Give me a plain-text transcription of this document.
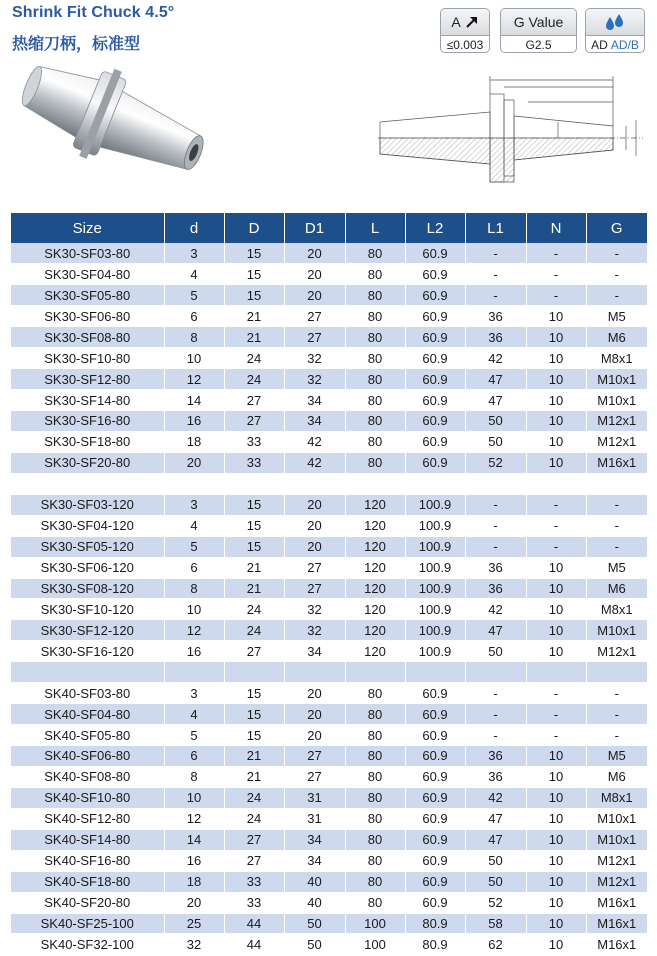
Shrink Fit Chuck 4.5°
热缩刀柄，标准型
A
≤0.003
G Value
G2.5	AD AD/B
Size	d	D	D1	L	L2	L1	N	G
SK30-SF03-80	3	15	20	80	60.9	-	-	-
SK30-SF04-80	4	15	20	80	60.9	-	-	-
SK30-SF05-80	5	15	20	80	60.9	-	-	-
SK30-SF06-80	6	21	27	80	60.9	36	10	M5
SK30-SF08-80	8	21	27	80	60.9	36	10	M6
SK30-SF10-80	10	24	32	80	60.9	42	10	M8x1
SK30-SF12-80	12	24	32	80	60.9	47	10	M10x1
SK30-SF14-80	14	27	34	80	60.9	47	10	M10x1
SK30-SF16-80	16	27	34	80	60.9	50	10	M12x1
SK30-SF18-80	18	33	42	80	60.9	50	10	M12x1
SK30-SF20-80	20	33	42	80	60.9	52	10	M16x1

SK30-SF03-120	3	15	20	120	100.9	-	-	-
SK30-SF04-120	4	15	20	120	100.9	-	-	-
SK30-SF05-120	5	15	20	120	100.9	-	-	-
SK30-SF06-120	6	21	27	120	100.9	36	10	M5
SK30-SF08-120	8	21	27	120	100.9	36	10	M6
SK30-SF10-120	10	24	32	120	100.9	42	10	M8x1
SK30-SF12-120	12	24	32	120	100.9	47	10	M10x1
SK30-SF16-120	16	27	34	120	100.9	50	10	M12x1

SK40-SF03-80	3	15	20	80	60.9	-	-	-
SK40-SF04-80	4	15	20	80	60.9	-	-	-
SK40-SF05-80	5	15	20	80	60.9	-	-	-
SK40-SF06-80	6	21	27	80	60.9	36	10	M5
SK40-SF08-80	8	21	27	80	60.9	36	10	M6
SK40-SF10-80	10	24	31	80	60.9	42	10	M8x1
SK40-SF12-80	12	24	31	80	60.9	47	10	M10x1
SK40-SF14-80	14	27	34	80	60.9	47	10	M10x1
SK40-SF16-80	16	27	34	80	60.9	50	10	M12x1
SK40-SF18-80	18	33	40	80	60.9	50	10	M12x1
SK40-SF20-80	20	33	40	80	60.9	52	10	M16x1
SK40-SF25-100	25	44	50	100	80.9	58	10	M16x1
SK40-SF32-100	32	44	50	100	80.9	62	10	M16x1
